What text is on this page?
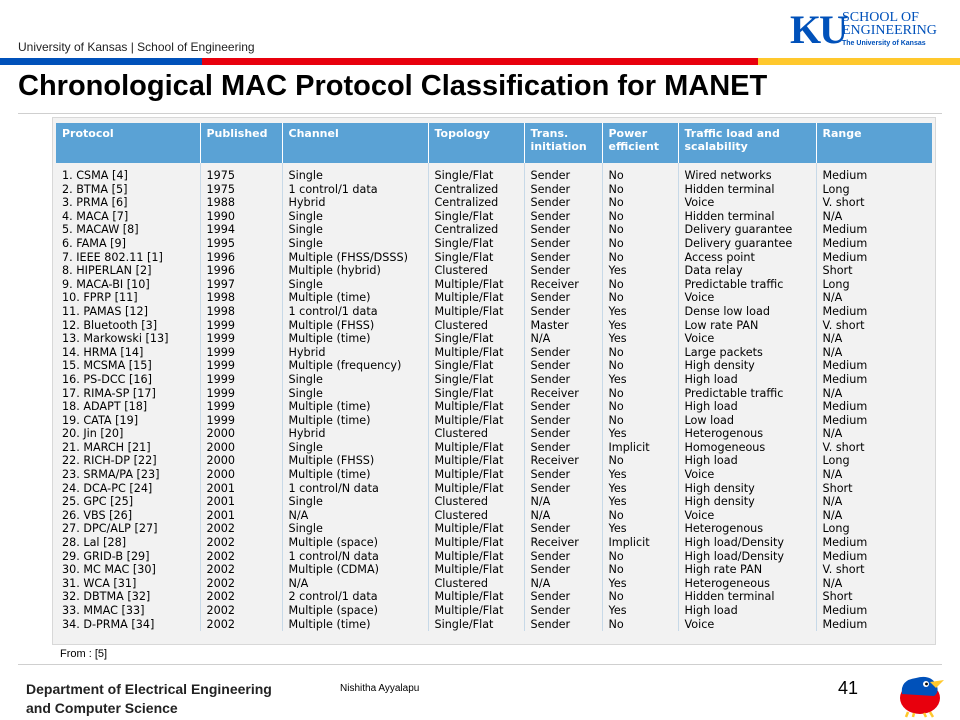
University of Kansas | School of Engineering	KU
SCHOOL OF
ENGINEERING
The University of Kansas
Chronological MAC Protocol Classification for MANET
Protocol	Published	Channel	Topology	Trans. initiation	Power efficient	Traffic load and scalability	Range
1. CSMA [4]	1975	Single	Single/Flat	Sender	No	Wired networks	Medium
2. BTMA [5]	1975	1 control/1 data	Centralized	Sender	No	Hidden terminal	Long
3. PRMA [6]	1988	Hybrid	Centralized	Sender	No	Voice	V. short
4. MACA [7]	1990	Single	Single/Flat	Sender	No	Hidden terminal	N/A
5. MACAW [8]	1994	Single	Centralized	Sender	No	Delivery guarantee	Medium
6. FAMA [9]	1995	Single	Single/Flat	Sender	No	Delivery guarantee	Medium
7. IEEE 802.11 [1]	1996	Multiple (FHSS/DSSS)	Single/Flat	Sender	No	Access point	Medium
8. HIPERLAN [2]	1996	Multiple (hybrid)	Clustered	Sender	Yes	Data relay	Short
9. MACA-BI [10]	1997	Single	Multiple/Flat	Receiver	No	Predictable traffic	Long
10. FPRP [11]	1998	Multiple (time)	Multiple/Flat	Sender	No	Voice	N/A
11. PAMAS [12]	1998	1 control/1 data	Multiple/Flat	Sender	Yes	Dense low load	Medium
12. Bluetooth [3]	1999	Multiple (FHSS)	Clustered	Master	Yes	Low rate PAN	V. short
13. Markowski [13]	1999	Multiple (time)	Single/Flat	N/A	Yes	Voice	N/A
14. HRMA [14]	1999	Hybrid	Multiple/Flat	Sender	No	Large packets	N/A
15. MCSMA [15]	1999	Multiple (frequency)	Single/Flat	Sender	No	High density	Medium
16. PS-DCC [16]	1999	Single	Single/Flat	Sender	Yes	High load	Medium
17. RIMA-SP [17]	1999	Single	Single/Flat	Receiver	No	Predictable traffic	N/A
18. ADAPT [18]	1999	Multiple (time)	Multiple/Flat	Sender	No	High load	Medium
19. CATA [19]	1999	Multiple (time)	Multiple/Flat	Sender	No	Low load	Medium
20. Jin [20]	2000	Hybrid	Clustered	Sender	Yes	Heterogenous	N/A
21. MARCH [21]	2000	Single	Multiple/Flat	Sender	Implicit	Homogeneous	V. short
22. RICH-DP [22]	2000	Multiple (FHSS)	Multiple/Flat	Receiver	No	High load	Long
23. SRMA/PA [23]	2000	Multiple (time)	Multiple/Flat	Sender	Yes	Voice	N/A
24. DCA-PC [24]	2001	1 control/N data	Multiple/Flat	Sender	Yes	High density	Short
25. GPC [25]	2001	Single	Clustered	N/A	Yes	High density	N/A
26. VBS [26]	2001	N/A	Clustered	N/A	No	Voice	N/A
27. DPC/ALP [27]	2002	Single	Multiple/Flat	Sender	Yes	Heterogenous	Long
28. Lal [28]	2002	Multiple (space)	Multiple/Flat	Receiver	Implicit	High load/Density	Medium
29. GRID-B [29]	2002	1 control/N data	Multiple/Flat	Sender	No	High load/Density	Medium
30. MC MAC [30]	2002	Multiple (CDMA)	Multiple/Flat	Sender	No	High rate PAN	V. short
31. WCA [31]	2002	N/A	Clustered	N/A	Yes	Heterogeneous	N/A
32. DBTMA [32]	2002	2 control/1 data	Multiple/Flat	Sender	No	Hidden terminal	Short
33. MMAC [33]	2002	Multiple (space)	Multiple/Flat	Sender	Yes	High load	Medium
34. D-PRMA [34]	2002	Multiple (time)	Single/Flat	Sender	No	Voice	Medium
From : [5]
Department of Electrical Engineering
and Computer Science
Nishitha Ayyalapu	41
